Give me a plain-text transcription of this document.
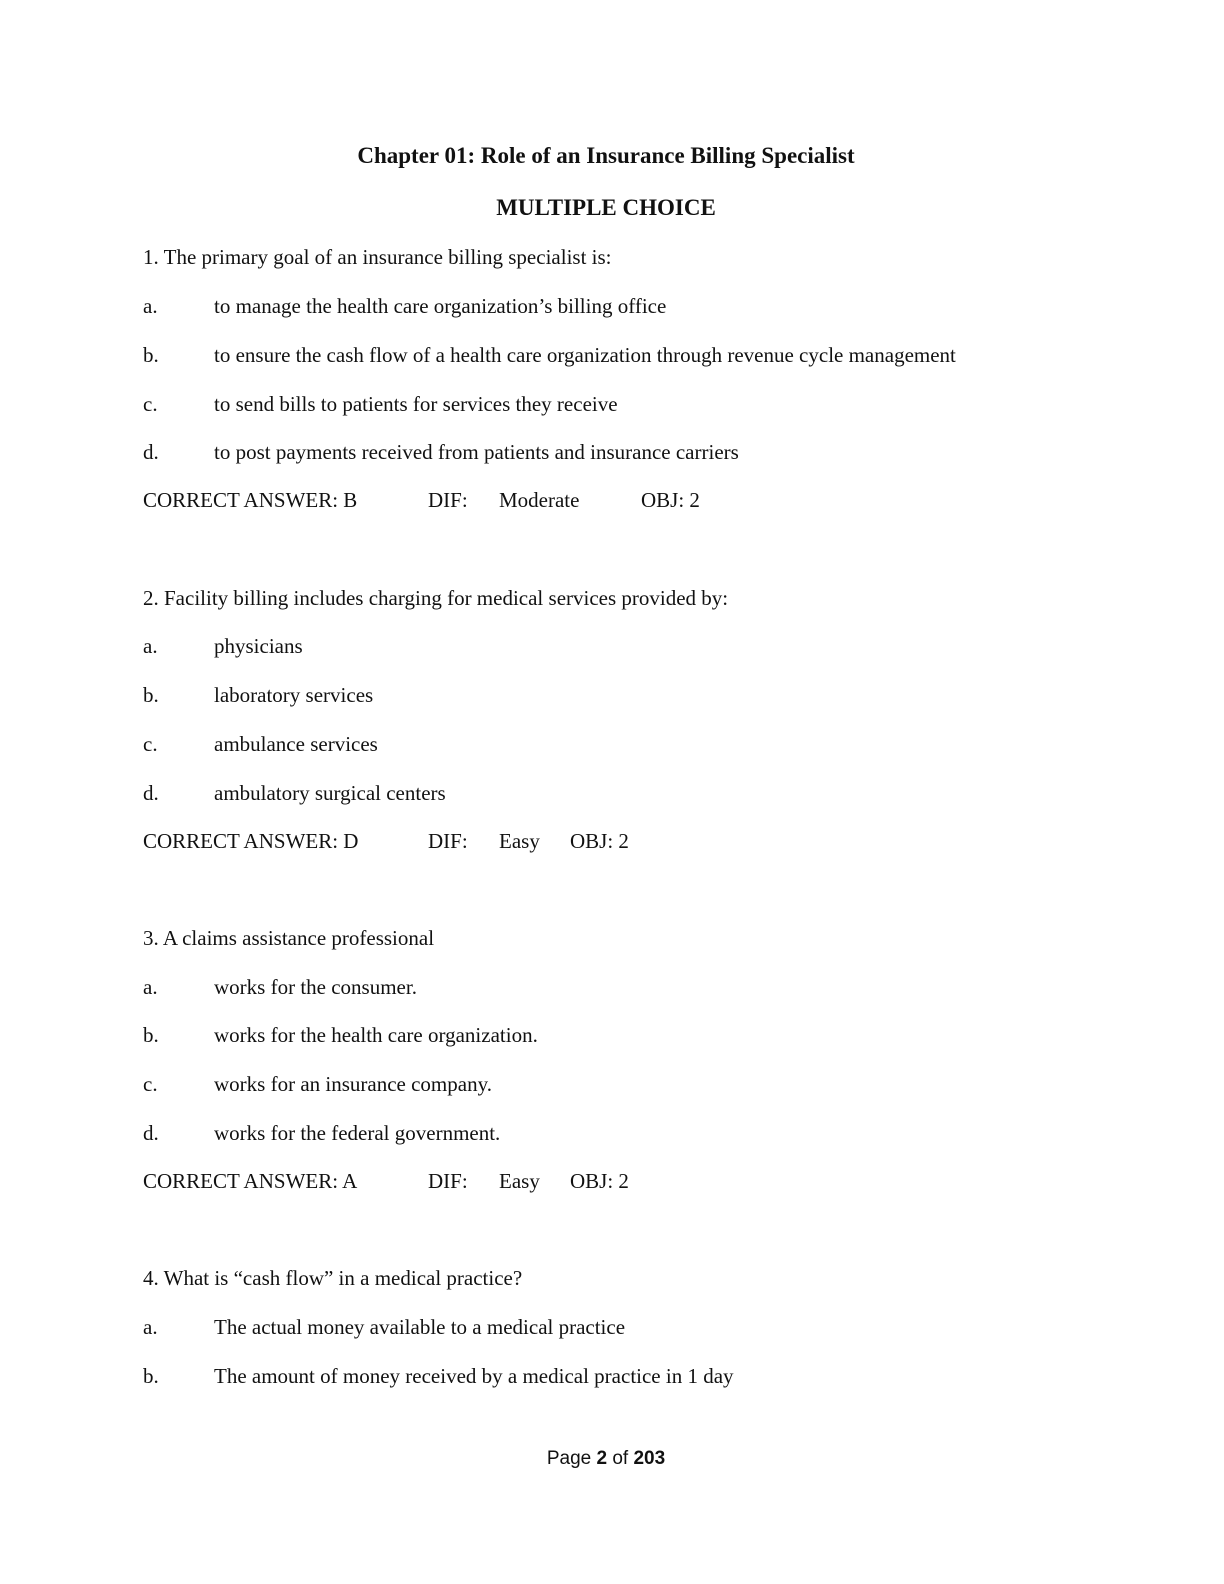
Chapter 01: Role of an Insurance Billing Specialist
MULTIPLE CHOICE
1. The primary goal of an insurance billing specialist is:
a.	to manage the health care organization’s billing office
b.	to ensure the cash flow of a health care organization through revenue cycle management
c.	to send bills to patients for services they receive
d.	to post payments received from patients and insurance carriers
CORRECT ANSWER: B	DIF: Moderate	OBJ: 2
2. Facility billing includes charging for medical services provided by:
a.	physicians
b.	laboratory services
c.	ambulance services
d.	ambulatory surgical centers
CORRECT ANSWER: D	DIF: Easy OBJ: 2
3. A claims assistance professional
a.	works for the consumer.
b.	works for the health care organization.
c.	works for an insurance company.
d.	works for the federal government.
CORRECT ANSWER: A	DIF: Easy OBJ: 2
4. What is “cash flow” in a medical practice?
a.	The actual money available to a medical practice
b.	The amount of money received by a medical practice in 1 day
Page 2 of 203
